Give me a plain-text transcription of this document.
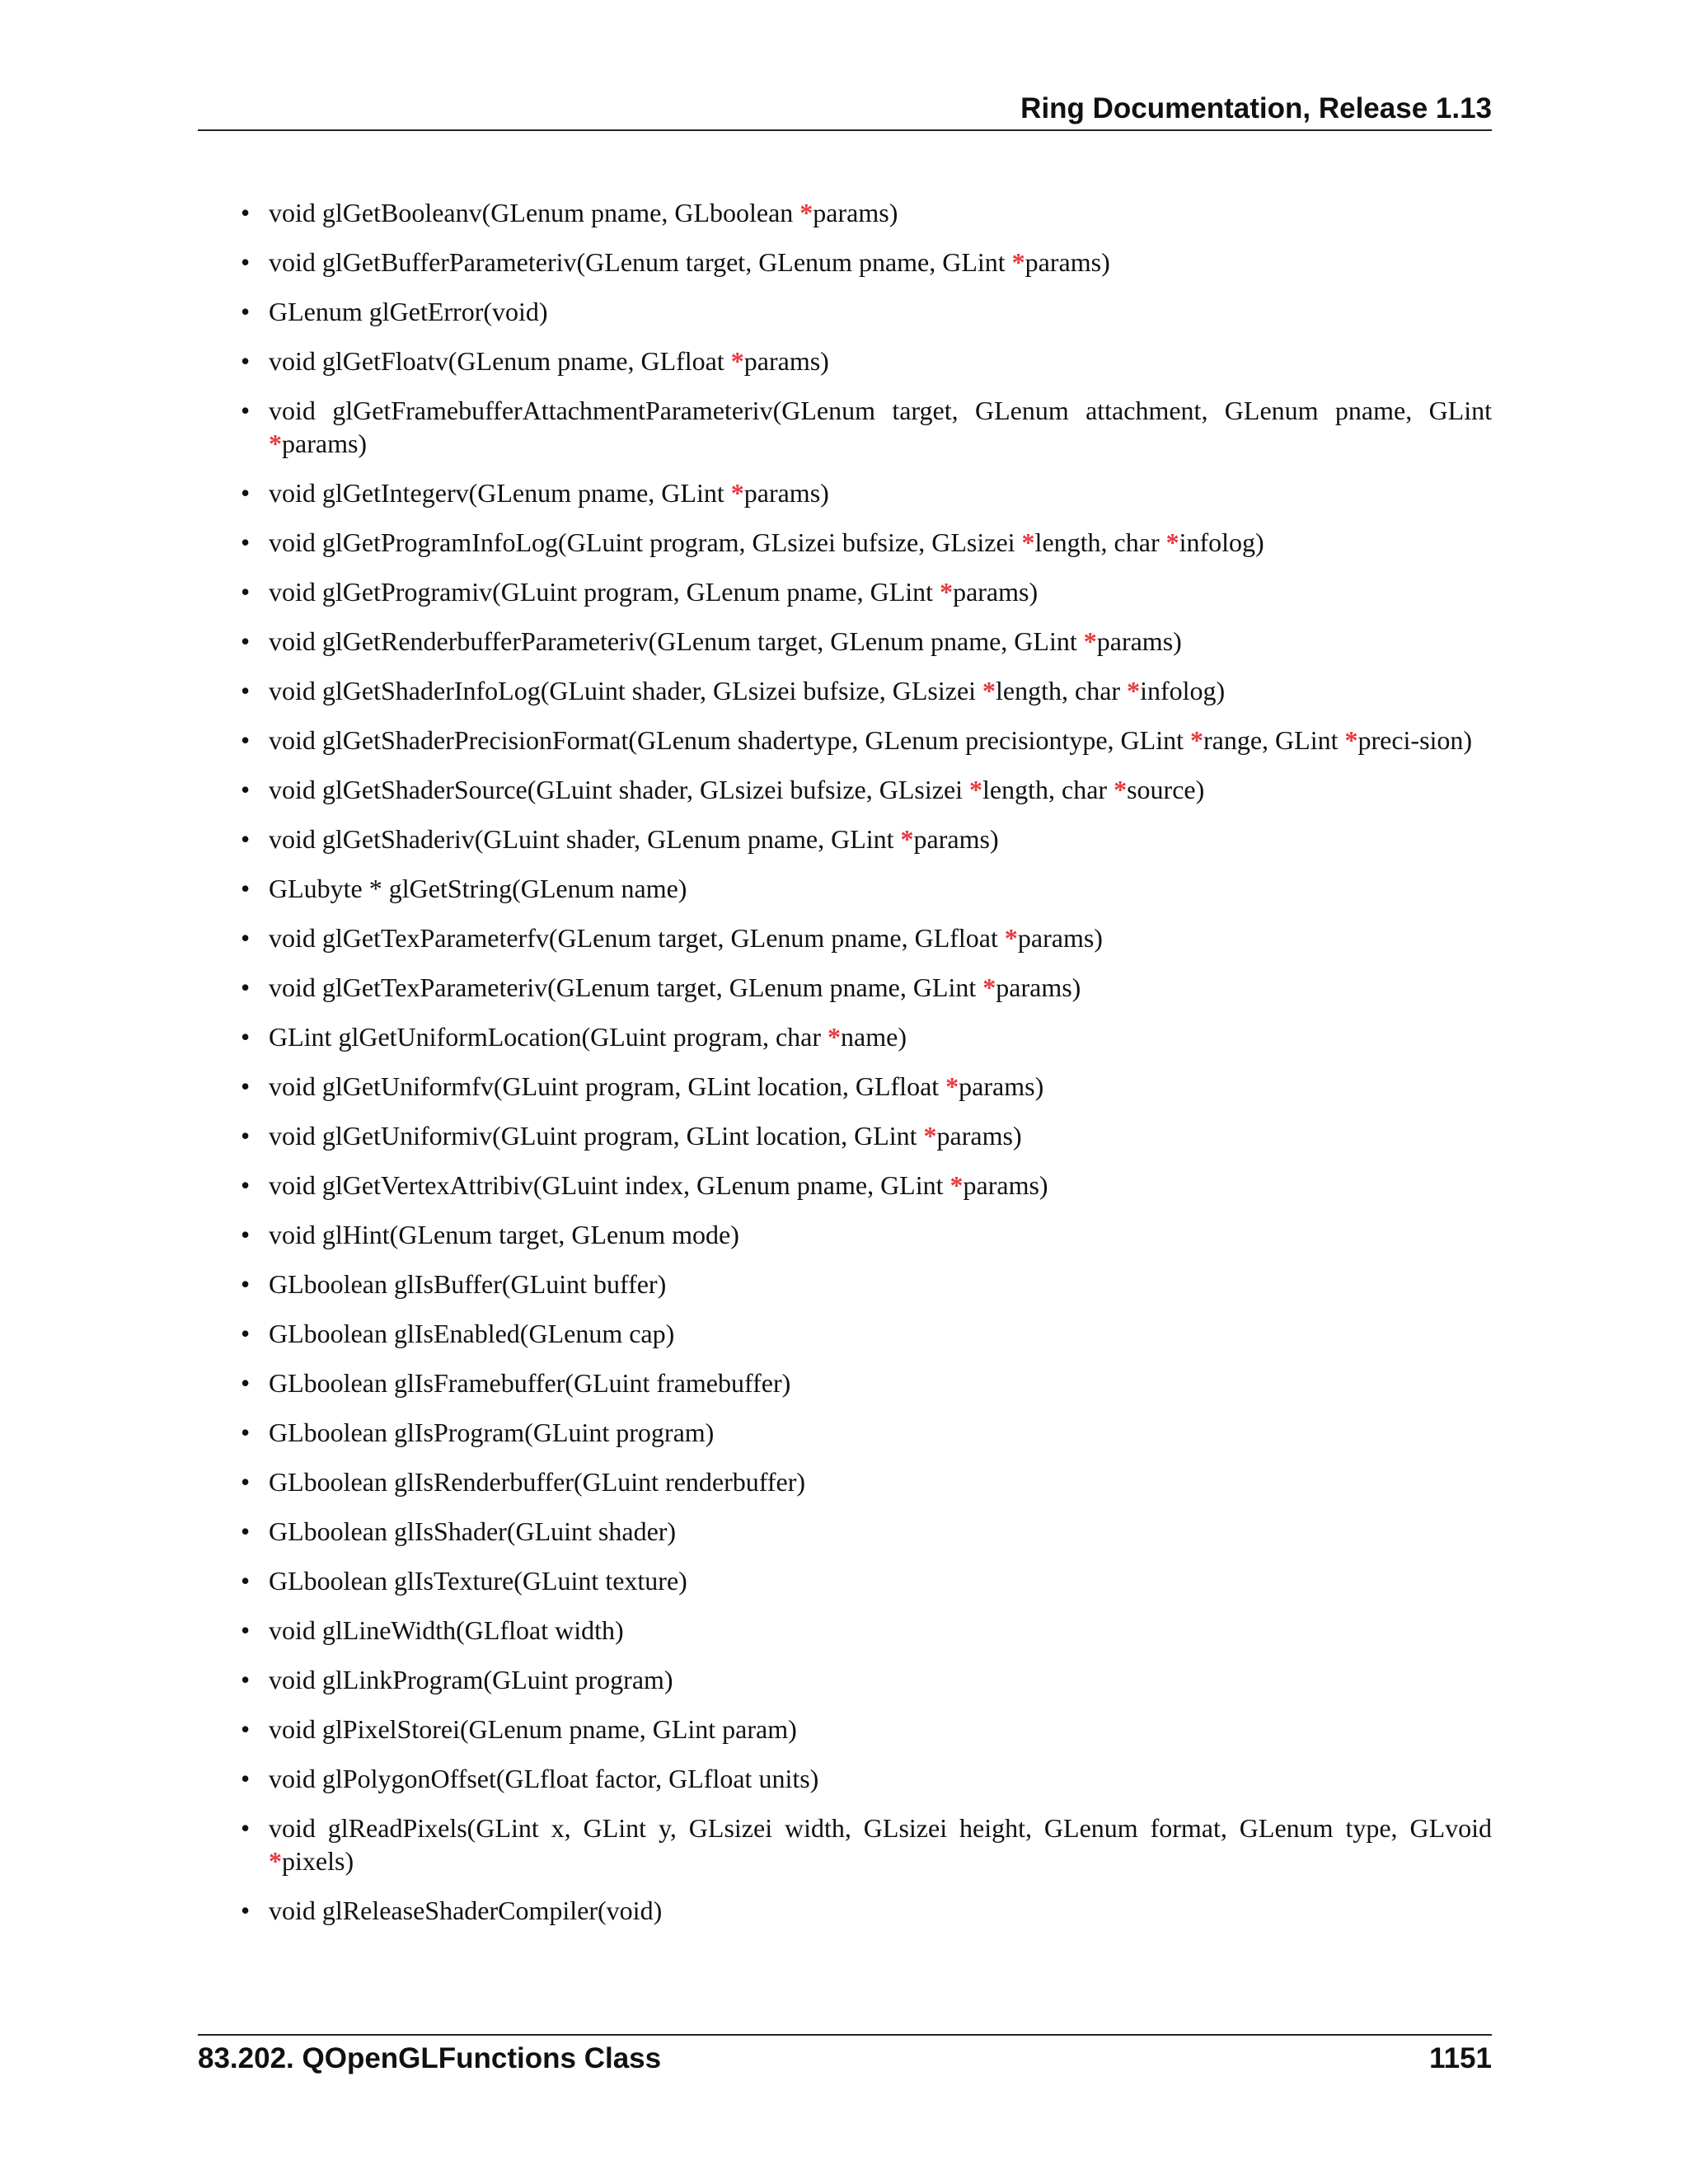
Ring Documentation, Release 1.13
• void glGetBooleanv(GLenum pname, GLboolean *params)
• void glGetBufferParameteriv(GLenum target, GLenum pname, GLint *params)
• GLenum glGetError(void)
• void glGetFloatv(GLenum pname, GLfloat *params)
• void glGetFramebufferAttachmentParameteriv(GLenum target, GLenum attachment, GLenum pname, GLint *params)
• void glGetIntegerv(GLenum pname, GLint *params)
• void glGetProgramInfoLog(GLuint program, GLsizei bufsize, GLsizei *length, char *infolog)
• void glGetProgramiv(GLuint program, GLenum pname, GLint *params)
• void glGetRenderbufferParameteriv(GLenum target, GLenum pname, GLint *params)
• void glGetShaderInfoLog(GLuint shader, GLsizei bufsize, GLsizei *length, char *infolog)
• void glGetShaderPrecisionFormat(GLenum shadertype, GLenum precisiontype, GLint *range, GLint *preci-sion)
• void glGetShaderSource(GLuint shader, GLsizei bufsize, GLsizei *length, char *source)
• void glGetShaderiv(GLuint shader, GLenum pname, GLint *params)
• GLubyte * glGetString(GLenum name)
• void glGetTexParameterfv(GLenum target, GLenum pname, GLfloat *params)
• void glGetTexParameteriv(GLenum target, GLenum pname, GLint *params)
• GLint glGetUniformLocation(GLuint program, char *name)
• void glGetUniformfv(GLuint program, GLint location, GLfloat *params)
• void glGetUniformiv(GLuint program, GLint location, GLint *params)
• void glGetVertexAttribiv(GLuint index, GLenum pname, GLint *params)
• void glHint(GLenum target, GLenum mode)
• GLboolean glIsBuffer(GLuint buffer)
• GLboolean glIsEnabled(GLenum cap)
• GLboolean glIsFramebuffer(GLuint framebuffer)
• GLboolean glIsProgram(GLuint program)
• GLboolean glIsRenderbuffer(GLuint renderbuffer)
• GLboolean glIsShader(GLuint shader)
• GLboolean glIsTexture(GLuint texture)
• void glLineWidth(GLfloat width)
• void glLinkProgram(GLuint program)
• void glPixelStorei(GLenum pname, GLint param)
• void glPolygonOffset(GLfloat factor, GLfloat units)
• void glReadPixels(GLint x, GLint y, GLsizei width, GLsizei height, GLenum format, GLenum type, GLvoid *pixels)
• void glReleaseShaderCompiler(void)
83.202. QOpenGLFunctions Class	1151
